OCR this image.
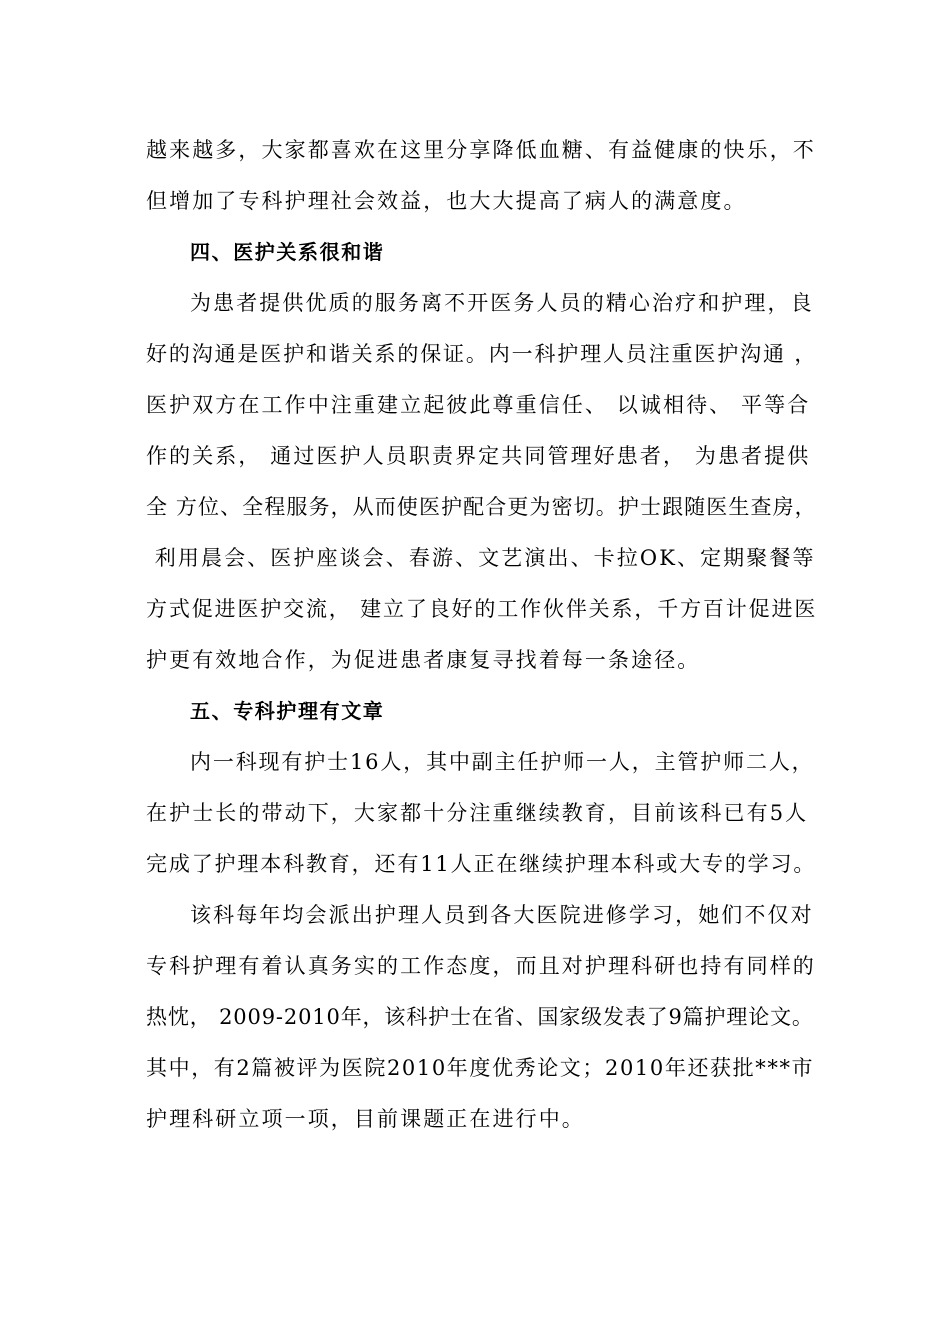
越来越多，大家都喜欢在这里分享降低血糖、有益健康的快乐，不
但增加了专科护理社会效益，也大大提高了病人的满意度。
四、医护关系很和谐
为患者提供优质的服务离不开医务人员的精心治疗和护理，良
好的沟通是医护和谐关系的保证。内一科护理人员注重医护沟通 ，
医护双方在工作中注重建立起彼此尊重信任、 以诚相待、 平等合
作的关系， 通过医护人员职责界定共同管理好患者， 为患者提供
全 方位、全程服务，从而使医护配合更为密切。护士跟随医生查房，
利用晨会、医护座谈会、春游、文艺演出、卡拉OK、定期聚餐等
方式促进医护交流， 建立了良好的工作伙伴关系，千方百计促进医
护更有效地合作，为促进患者康复寻找着每一条途径。
五、专科护理有文章
内一科现有护士16人，其中副主任护师一人，主管护师二人，
在护士长的带动下，大家都十分注重继续教育，目前该科已有5人
完成了护理本科教育，还有11人正在继续护理本科或大专的学习。
该科每年均会派出护理人员到各大医院进修学习，她们不仅对
专科护理有着认真务实的工作态度，而且对护理科研也持有同样的
热忱， 2009-2010年，该科护士在省、国家级发表了9篇护理论文。
其中，有2篇被评为医院2010年度优秀论文；2010年还获批***市
护理科研立项一项，目前课题正在进行中。
